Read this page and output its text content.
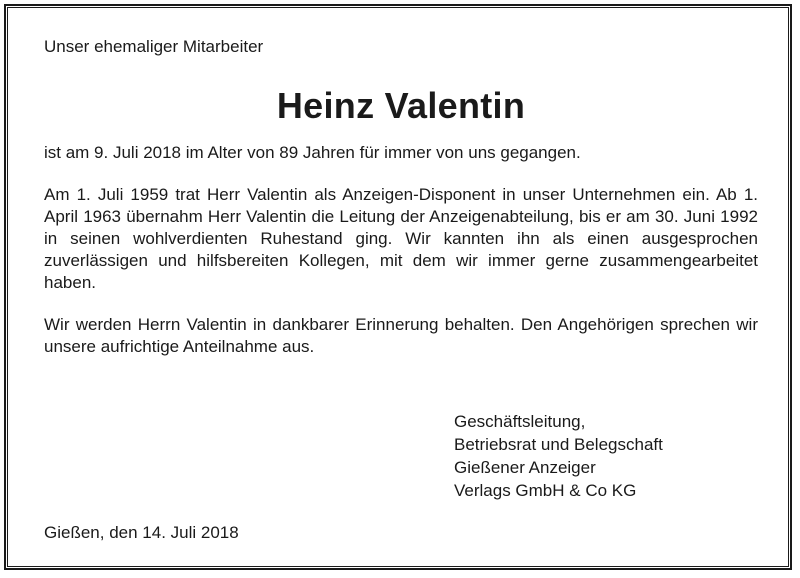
Unser ehemaliger Mitarbeiter

Heinz Valentin

ist am 9. Juli 2018 im Alter von 89 Jahren für immer von uns gegangen.

Am 1. Juli 1959 trat Herr Valentin als Anzeigen-Disponent in unser Unternehmen ein. Ab 1. April 1963 übernahm Herr Valentin die Leitung der Anzeigenabteilung, bis er am 30. Juni 1992 in seinen wohlverdienten Ruhestand ging. Wir kannten ihn als einen ausgesprochen zuverlässigen und hilfsbereiten Kollegen, mit dem wir immer gerne zusammengearbeitet haben.

Wir werden Herrn Valentin in dankbarer Erinnerung behalten. Den Angehörigen sprechen wir unsere aufrichtige Anteilnahme aus.

Geschäftsleitung,
Betriebsrat und Belegschaft
Gießener Anzeiger
Verlags GmbH & Co KG
Gießen, den 14. Juli 2018
